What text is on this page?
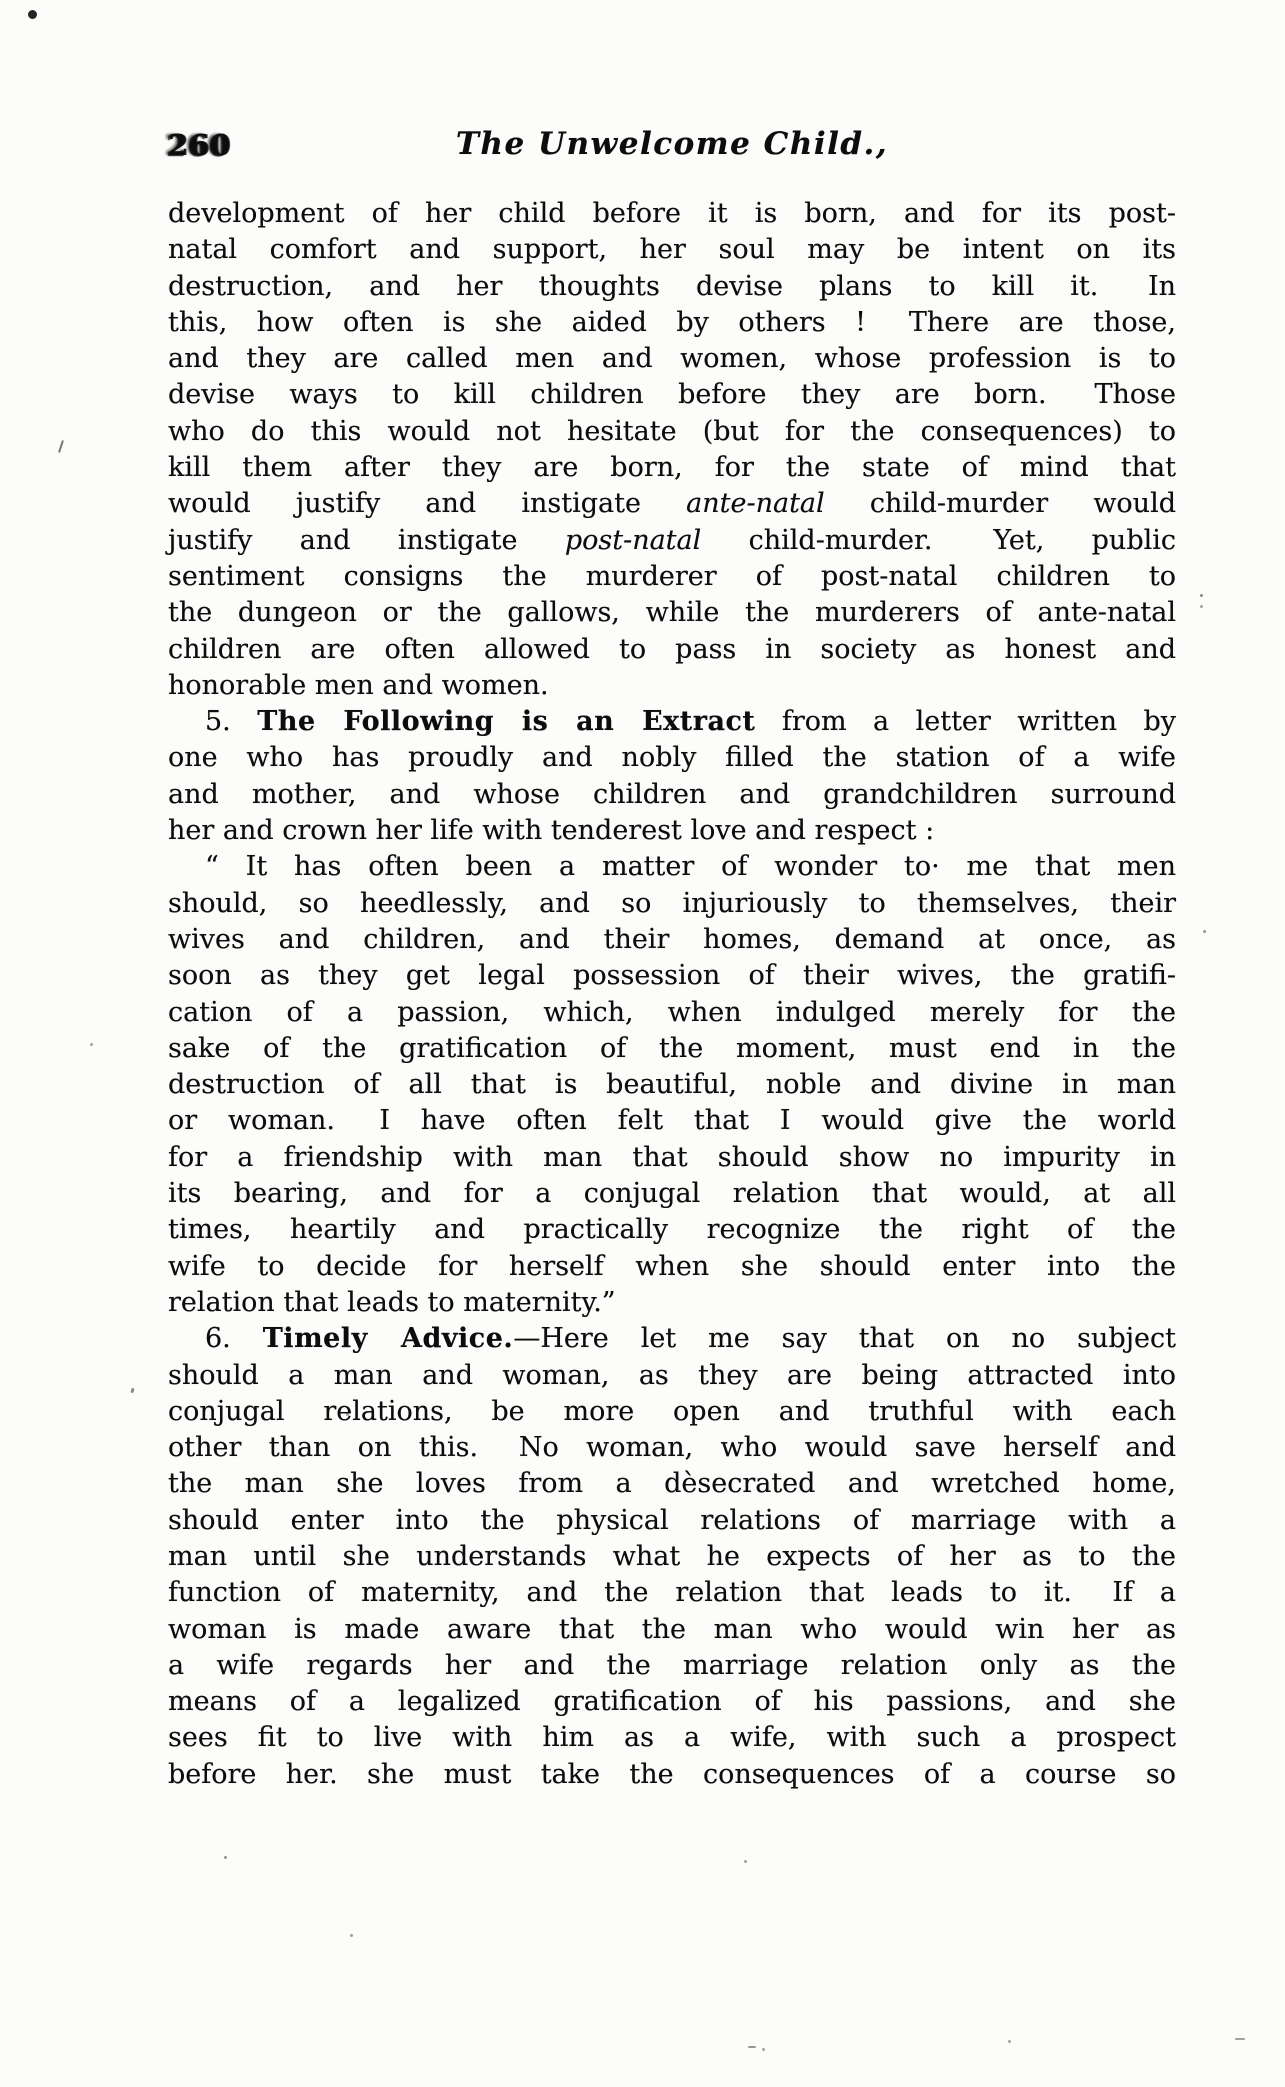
260	The Unwelcome Child.,
development of her child before it is born, and for its post-
natal comfort and support, her soul may be intent on its
destruction, and her thoughts devise plans to kill it.  In
this, how often is she aided by others !  There are those,
and they are called men and women, whose profession is to
devise ways to kill children before they are born.  Those
who do this would not hesitate (but for the consequences) to
kill them after they are born, for the state of mind that
would justify and instigate ante-natal child-murder would
justify and instigate post-natal child-murder.  Yet, public
sentiment consigns the murderer of post-natal children to
the dungeon or the gallows, while the murderers of ante-natal
children are often allowed to pass in society as honest and
honorable men and women.
5. The Following is an Extract from a letter written by
one who has proudly and nobly filled the station of a wife
and mother, and whose children and grandchildren surround
her and crown her life with tenderest love and respect :
“ It has often been a matter of wonder to· me that men
should, so heedlessly, and so injuriously to themselves, their
wives and children, and their homes, demand at once, as
soon as they get legal possession of their wives, the gratifi-
cation of a passion, which, when indulged merely for the
sake of the gratification of the moment, must end in the
destruction of all that is beautiful, noble and divine in man
or woman.  I have often felt that I would give the world
for a friendship with man that should show no impurity in
its bearing, and for a conjugal relation that would, at all
times, heartily and practically recognize the right of the
wife to decide for herself when she should enter into the
relation that leads to maternity.”
6. Timely Advice.—Here let me say that on no subject
should a man and woman, as they are being attracted into
conjugal relations, be more open and truthful with each
other than on this.  No woman, who would save herself and
the man she loves from a dèsecrated and wretched home,
should enter into the physical relations of marriage with a
man until she understands what he expects of her as to the
function of maternity, and the relation that leads to it.  If a
woman is made aware that the man who would win her as
a wife regards her and the marriage relation only as the
means of a legalized gratification of his passions, and she
sees fit to live with him as a wife, with such a prospect
before her. she must take the consequences of a course so
